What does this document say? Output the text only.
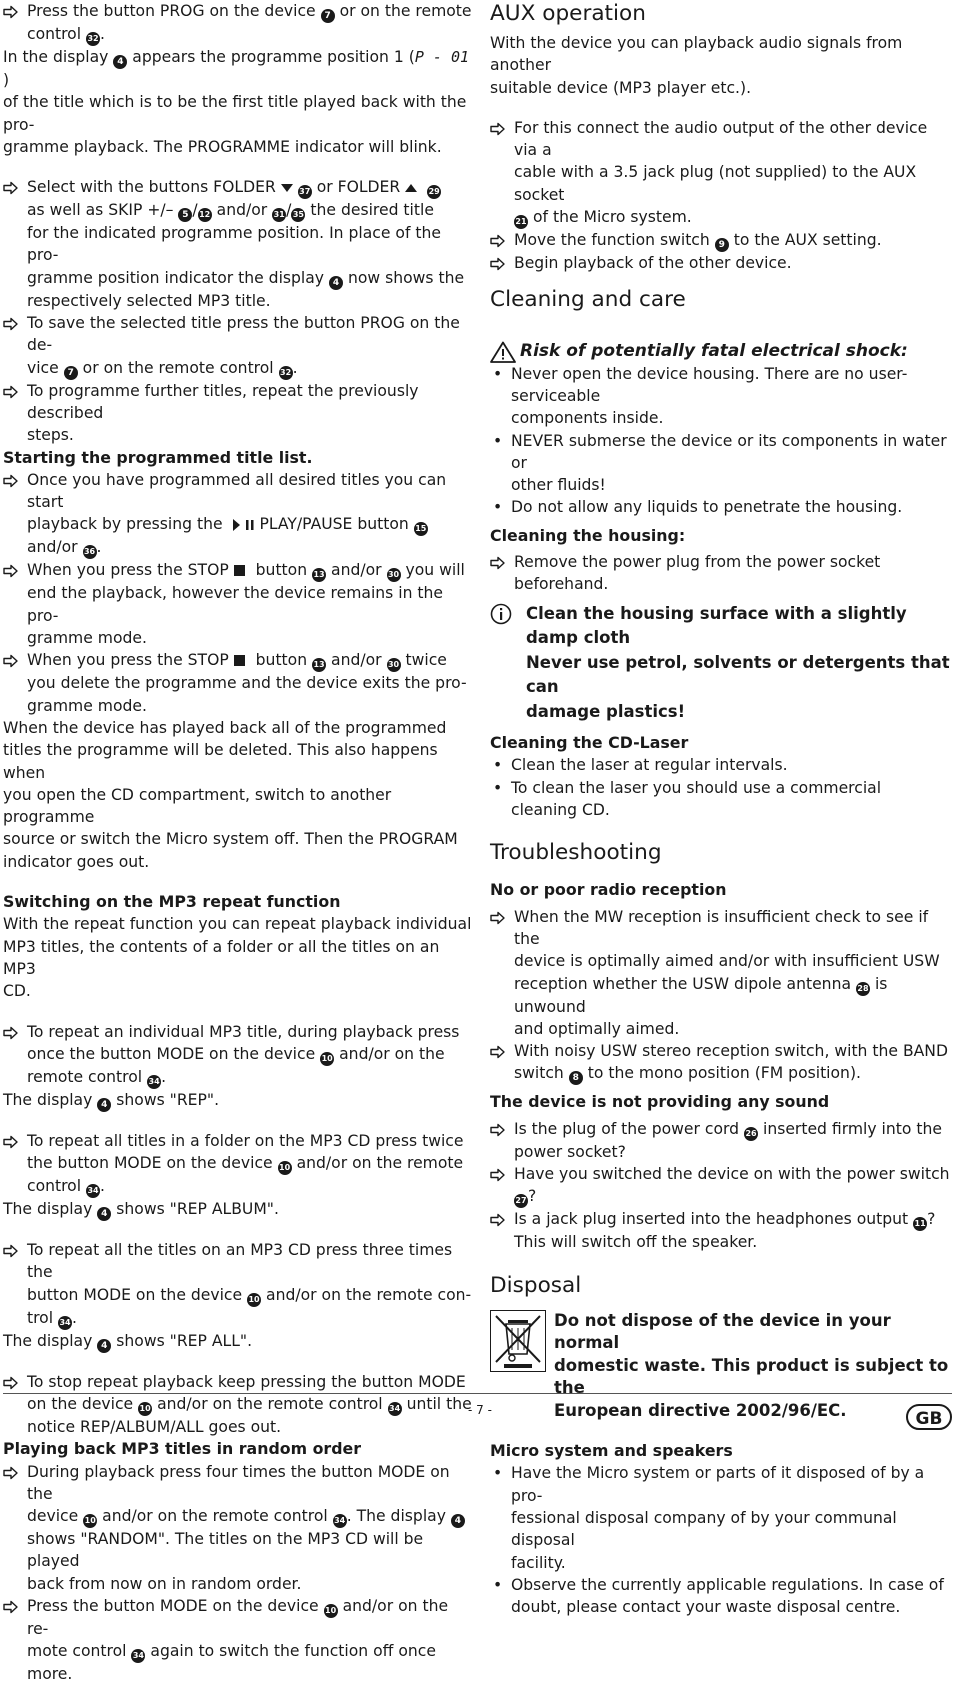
Press the button PROG on the device 7 or on the remote
control 32.

In the display 4 appears the programme position 1 (P - 01)
of the title which is to be the first title played back with the pro-
gramme playback. The PROGRAMME indicator will blink.

Select with the buttons FOLDER	37 or FOLDER	29
as well as SKIP +/– 5 /12 and/or 31/35 the desired title
for the indicated programme position. In place of the pro-
gramme position indicator the display 4 now shows the
respectively selected MP3 title.

To save the selected title press the button PROG on the de-
vice 7 or on the remote control 32.

To programme further titles, repeat the previously described
steps.

Starting the programmed title list.

Once you have programmed all desired titles you can start
playback by pressing the PLAY/PAUSE button 15
and/or 36.

When you press the STOP button 13 and/or 30 you will
end the playback, however the device remains in the pro-
gramme mode.

When you press the STOP button 13 and/or 30 twice
you delete the programme and the device exits the pro-
gramme mode.

When the device has played back all of the programmed
titles the programme will be deleted. This also happens when
you open the CD compartment, switch to another programme
source or switch the Micro system off. Then the PROGRAM
indicator goes out.

Switching on the MP3 repeat function

With the repeat function you can repeat playback individual
MP3 titles, the contents of a folder or all the titles on an MP3
CD.

To repeat an individual MP3 title, during playback press
once the button MODE on the device 10 and/or on the
remote control 34.

The display 4 shows "REP".

To repeat all titles in a folder on the MP3 CD press twice
the button MODE on the device 10 and/or on the remote
control 34.

The display 4 shows "REP ALBUM".

To repeat all the titles on an MP3 CD press three times the
button MODE on the device 10 and/or on the remote con-
trol 34.

The display 4 shows "REP ALL".

To stop repeat playback keep pressing the button MODE
on the device 10 and/or on the remote control 34 until the
notice REP/ALBUM/ALL goes out.

Playing back MP3 titles in random order

During playback press four times the button MODE on the
device 10 and/or on the remote control 34. The display 4
shows "RANDOM". The titles on the MP3 CD will be played
back from now on in random order.

Press the button MODE on the device 10 and/or on the re-
mote control 34 again to switch the function off once more.

AUX operation

With the device you can playback audio signals from another
suitable device (MP3 player etc.).

For this connect the audio output of the other device via a
cable with a 3.5 jack plug (not supplied) to the AUX socket
21 of the Micro system.

Move the function switch 9 to the AUX setting.

Begin playback of the other device.

Cleaning and care
Risk of potentially fatal electrical shock:
• Never open the device housing. There are no user-serviceable
components inside.

• NEVER submerse the device or its components in water or
other fluids!

• Do not allow any liquids to penetrate the housing.

Cleaning the housing:

Remove the power plug from the power socket beforehand.

Clean the housing surface with a slightly damp cloth
Never use petrol, solvents or detergents that can
damage plastics!

Cleaning the CD-Laser
• Clean the laser at regular intervals.

• To clean the laser you should use a commercial cleaning CD.

Troubleshooting
No or poor radio reception

When the MW reception is insufficient check to see if the
device is optimally aimed and/or with insufficient USW
reception whether the USW dipole antenna 28 is unwound
and optimally aimed.

With noisy USW stereo reception switch, with the BAND
switch 8 to the mono position (FM position).

The device is not providing any sound

Is the plug of the power cord 26 inserted firmly into the
power socket?

Have you switched the device on with the power switch 27?

Is a jack plug inserted into the headphones output 11?
This will switch off the speaker.

Disposal

Do not dispose of the device in your normal
domestic waste. This product is subject to the
European directive 2002/96/EC.

Micro system and speakers
• Have the Micro system or parts of it disposed of by a pro-
fessional disposal company of by your communal disposal
facility.

• Observe the currently applicable regulations. In case of
doubt, please contact your waste disposal centre.

- 7 -	GB
